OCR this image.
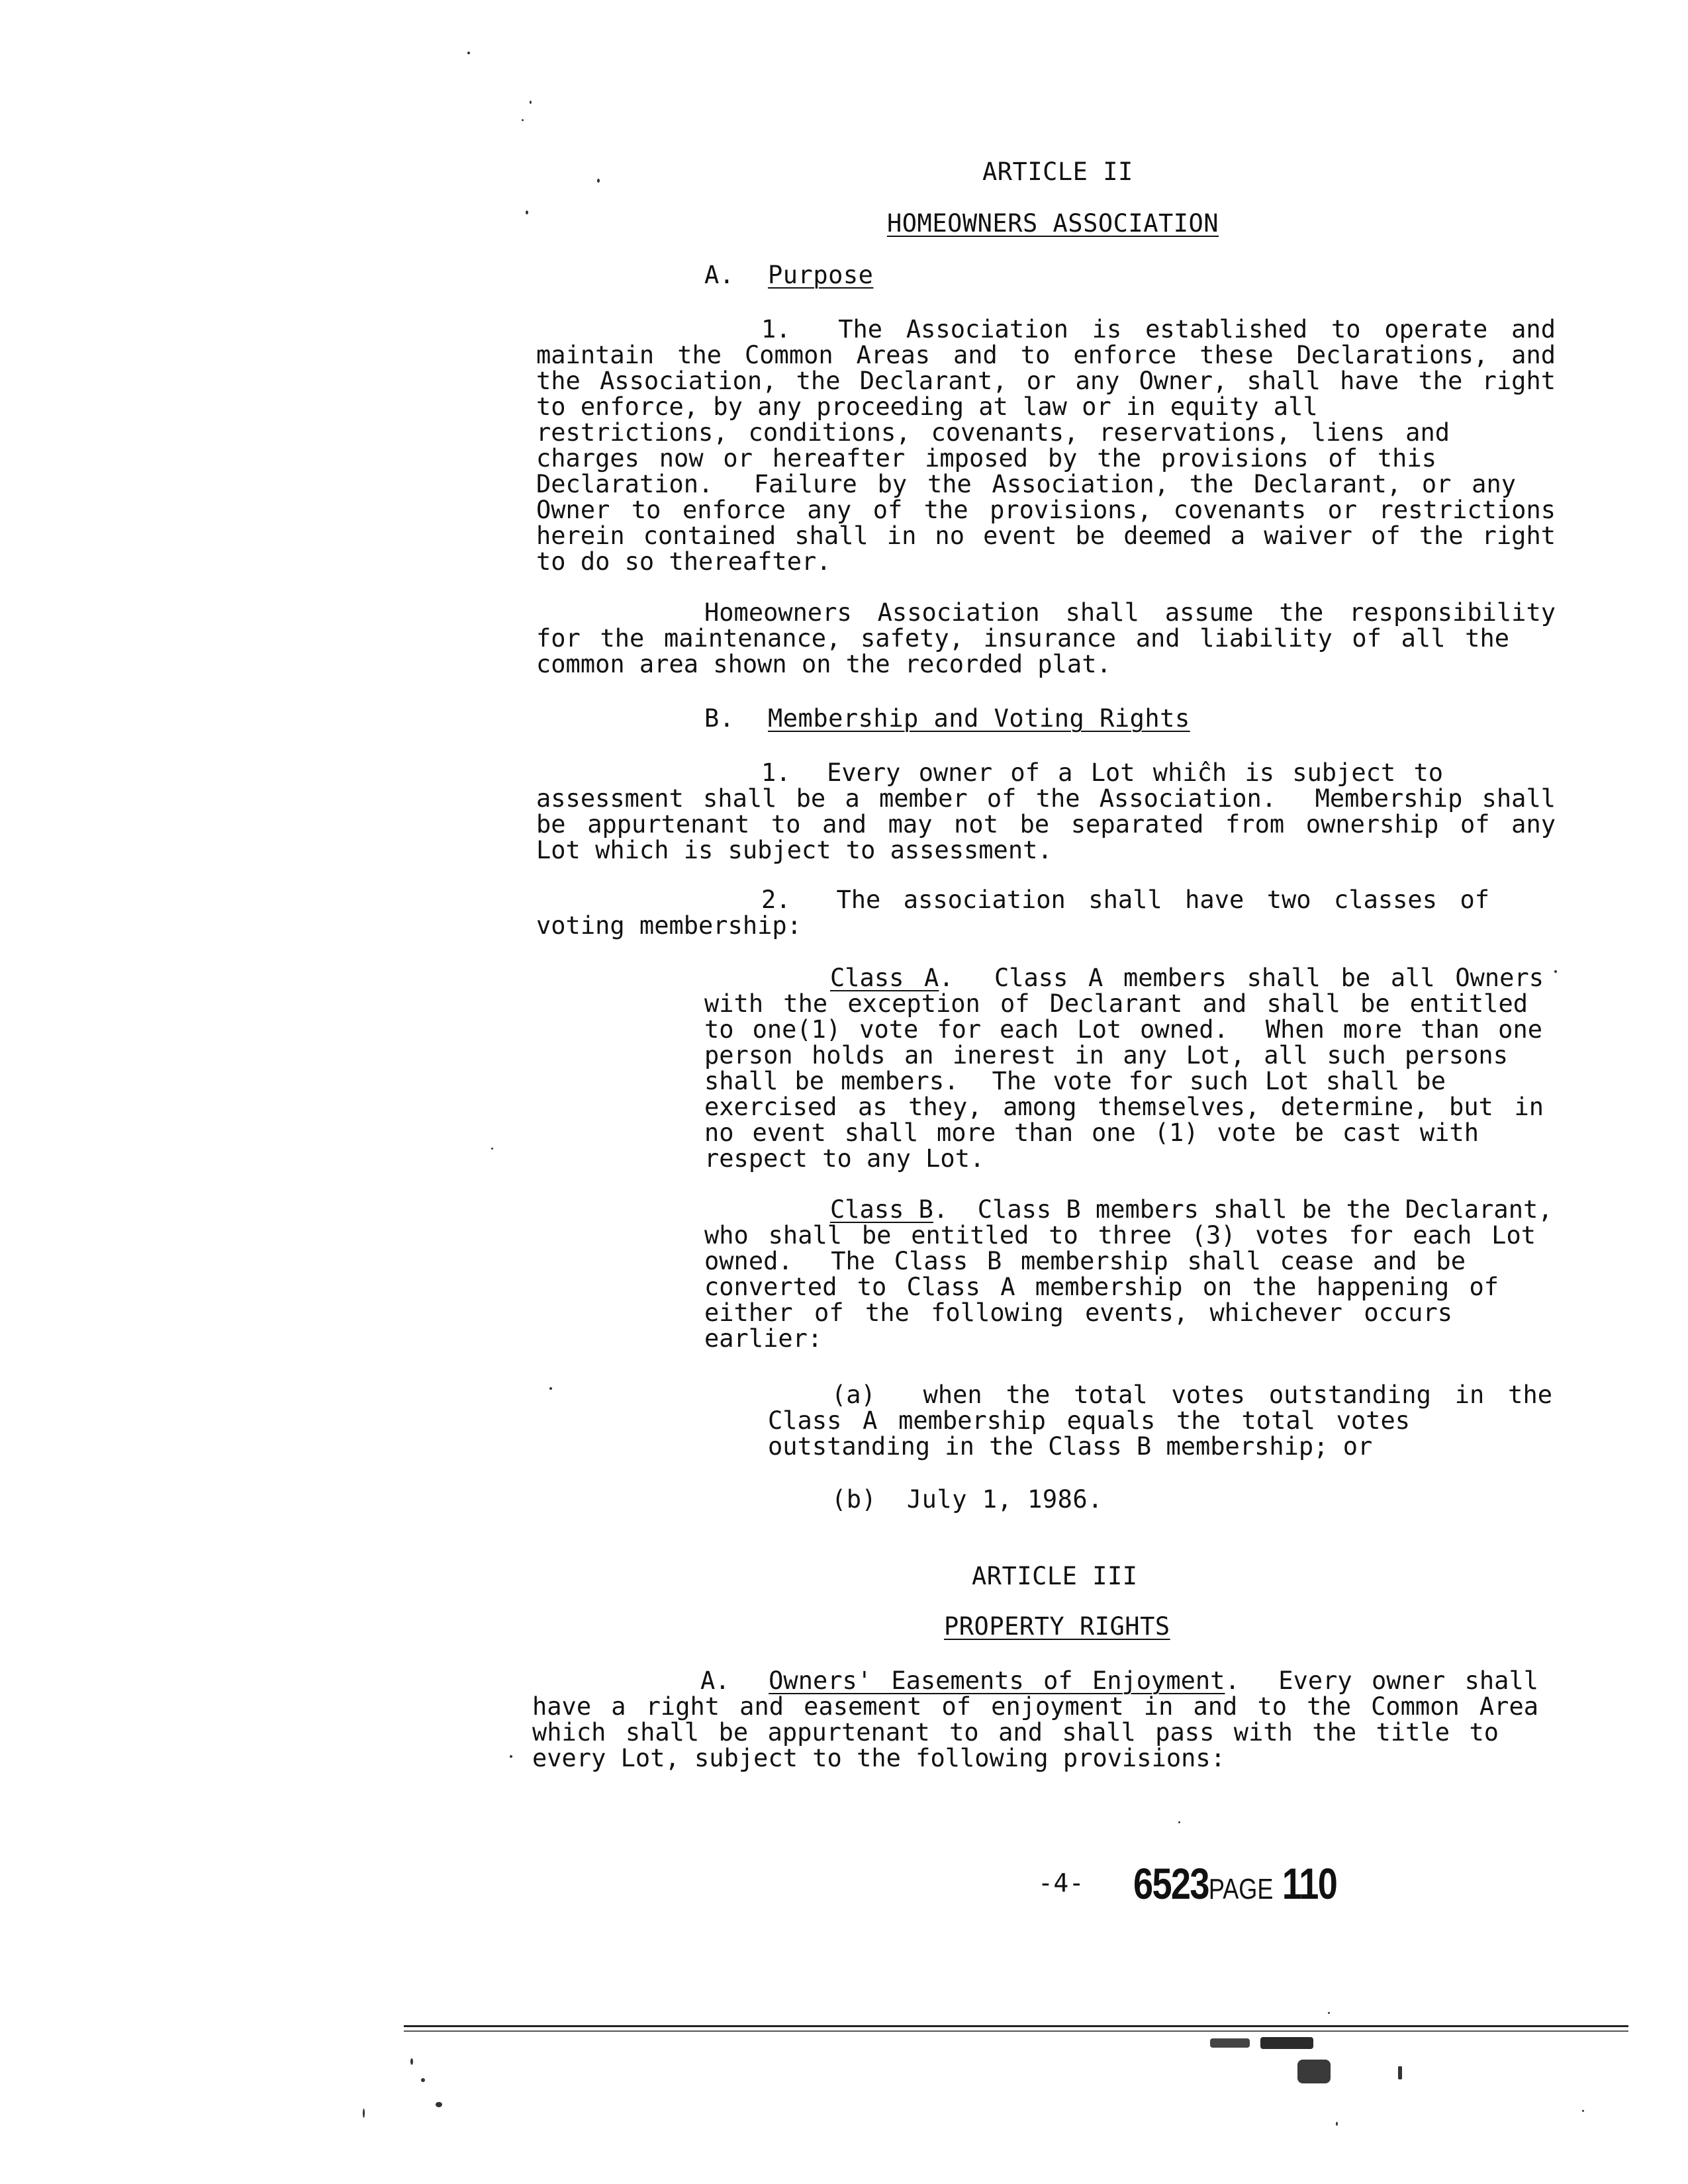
ARTICLE II
HOMEOWNERS ASSOCIATION
A. Purpose
1.  The Association is established to operate and
maintain the Common Areas and to enforce these Declarations, and
the Association, the Declarant, or any Owner, shall have the right
to enforce, by any proceeding at law or in equity all
restrictions, conditions, covenants, reservations, liens and
charges now or hereafter imposed by the provisions of this
Declaration.  Failure by the Association, the Declarant, or any
Owner to enforce any of the provisions, covenants or restrictions
herein contained shall in no event be deemed a waiver of the right
to do so thereafter.
Homeowners Association shall assume the responsibility
for the maintenance, safety, insurance and liability of all the
common area shown on the recorded plat.
B. Membership and Voting Rights
1.  Every owner of a Lot whiĉh is subject to
assessment shall be a member of the Association.  Membership shall
be appurtenant to and may not be separated from ownership of any
Lot which is subject to assessment.
2.  The association shall have two classes of
voting membership:
Class A.  Class A members shall be all Owners
with the exception of Declarant and shall be entitled
to one(1) vote for each Lot owned.  When more than one
person holds an inerest in any Lot, all such persons
shall be members.  The vote for such Lot shall be
exercised as they, among themselves, determine, but in
no event shall more than one (1) vote be cast with
respect to any Lot.
Class B.  Class B members shall be the Declarant,
who shall be entitled to three (3) votes for each Lot
owned.  The Class B membership shall cease and be
converted to Class A membership on the happening of
either of the following events, whichever occurs
earlier:
(a)  when the total votes outstanding in the
Class A membership equals the total votes
outstanding in the Class B membership; or
(b)  July 1, 1986.
ARTICLE III
PROPERTY RIGHTS
A. Owners' Easements of Enjoyment.  Every owner shall
have a right and easement of enjoyment in and to the Common Area
which shall be appurtenant to and shall pass with the title to
every Lot, subject to the following provisions:
-4- 6523PAGE 110
